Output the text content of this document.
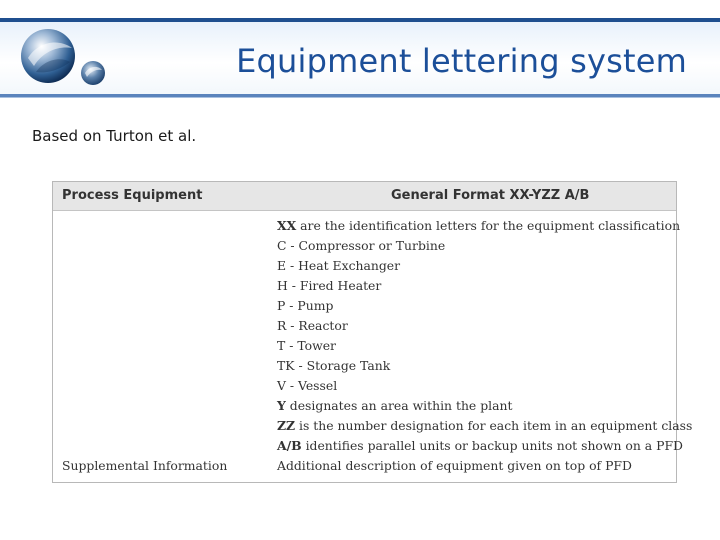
Equipment lettering system
Based on Turton et al.
Process Equipment	General Format XX-YZZ A/B
XX are the identification letters for the equipment classification
C - Compressor or Turbine
E - Heat Exchanger
H - Fired Heater
P - Pump
R - Reactor
T - Tower
TK - Storage Tank
V - Vessel
Y designates an area within the plant
ZZ is the number designation for each item in an equipment class
A/B identifies parallel units or backup units not shown on a PFD
Additional description of equipment given on top of PFD
Supplemental Information
